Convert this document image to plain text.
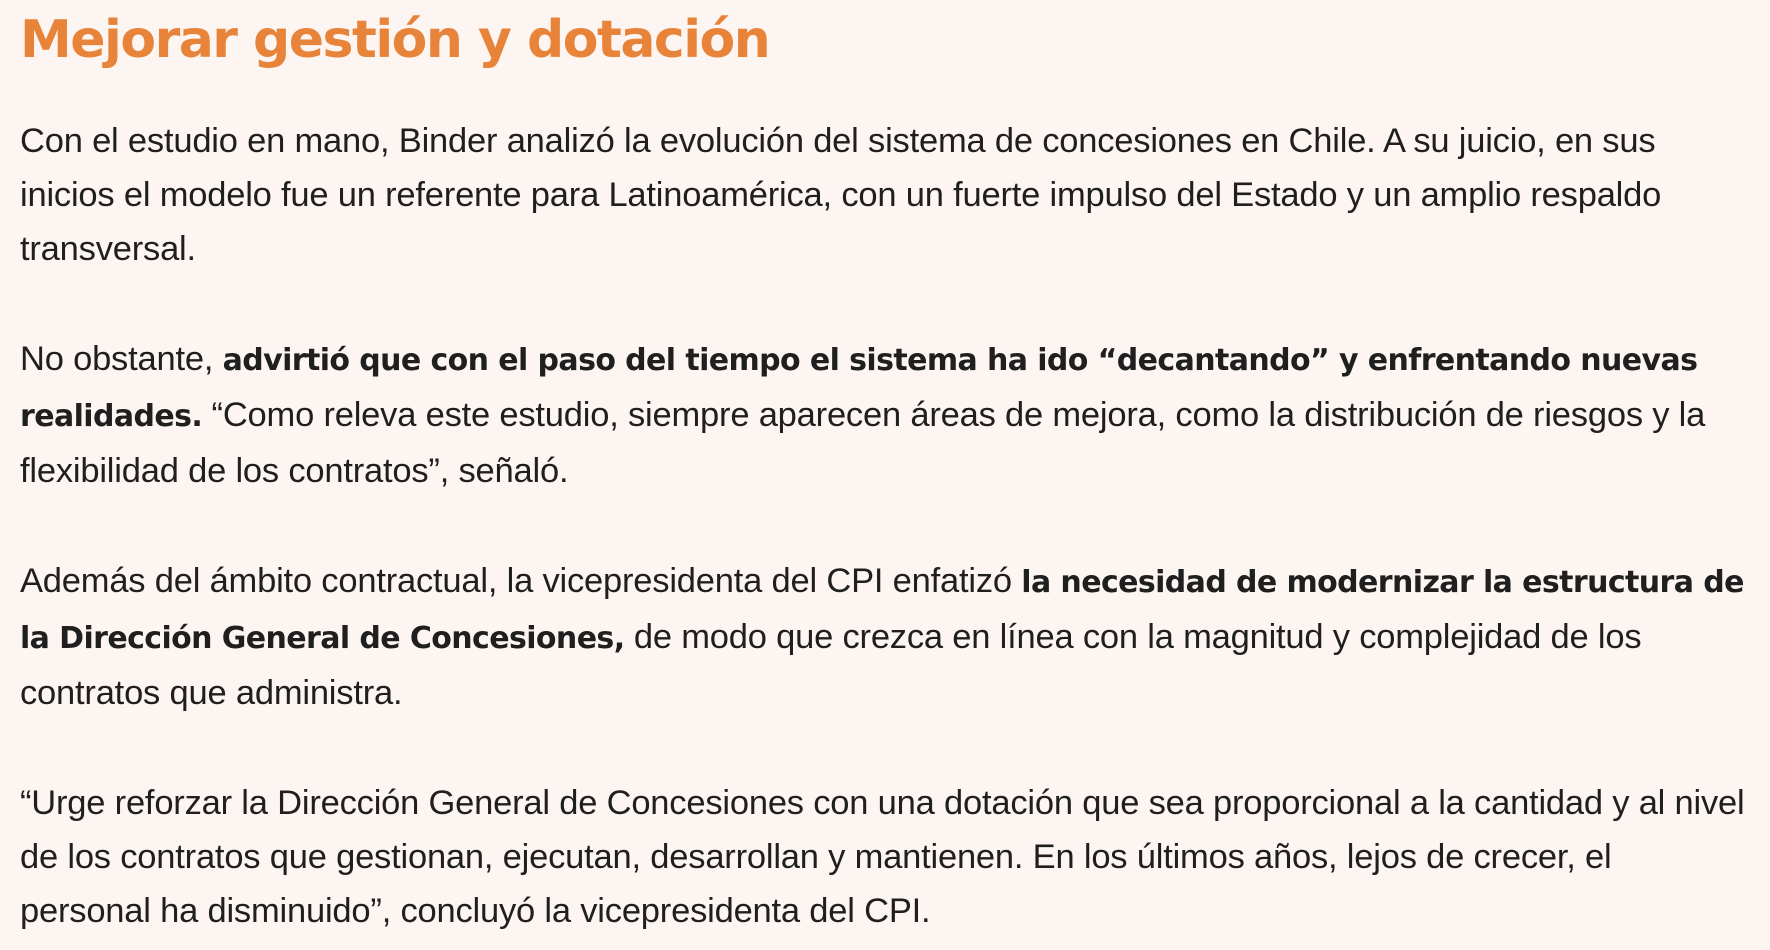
Mejorar gestión y dotación

Con el estudio en mano, Binder analizó la evolución del sistema de concesiones en Chile. A su juicio, en sus inicios el modelo fue un referente para Latinoamérica, con un fuerte impulso del Estado y un amplio respaldo transversal.

No obstante, advirtió que con el paso del tiempo el sistema ha ido “decantando” y enfrentando nuevas realidades. “Como releva este estudio, siempre aparecen áreas de mejora, como la distribución de riesgos y la flexibilidad de los contratos”, señaló.

Además del ámbito contractual, la vicepresidenta del CPI enfatizó la necesidad de modernizar la estructura de la Dirección General de Concesiones, de modo que crezca en línea con la magnitud y complejidad de los contratos que administra.

“Urge reforzar la Dirección General de Concesiones con una dotación que sea proporcional a la cantidad y al nivel de los contratos que gestionan, ejecutan, desarrollan y mantienen. En los últimos años, lejos de crecer, el personal ha disminuido”, concluyó la vicepresidenta del CPI.
